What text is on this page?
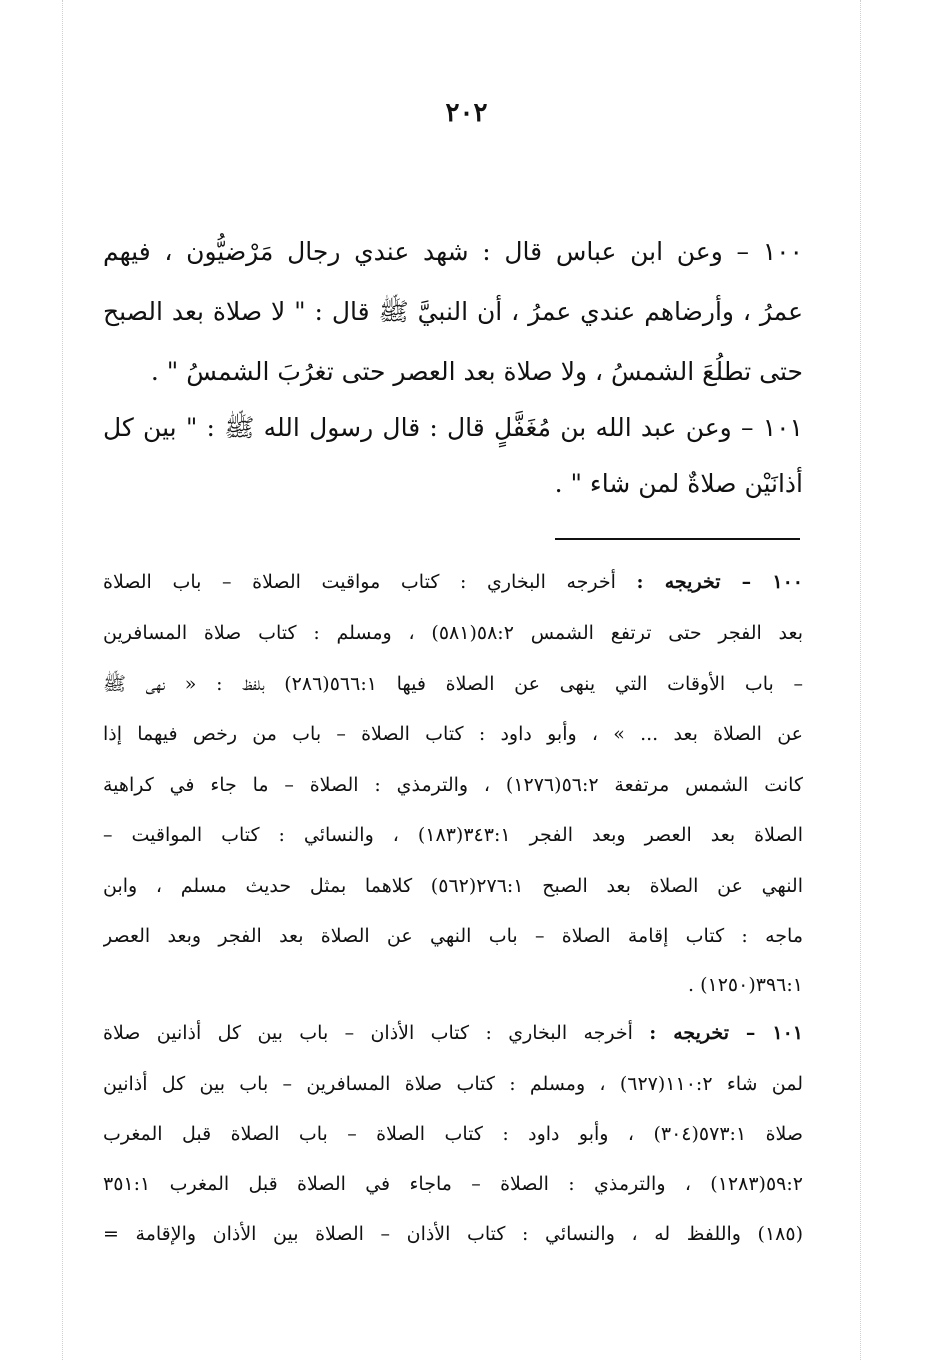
٢٠٢
١٠٠ – وعن ابن عباس قال : شهد عندي رجال مَرْضيُّون ، فيهم
عمرُ ، وأرضاهم عندي عمرُ ، أن النبيَّ ﷺ قال : " لا صلاة بعد الصبح
حتى تطلُعَ الشمسُ ، ولا صلاة بعد العصر حتى تغرُبَ الشمسُ " .
١٠١ – وعن عبد الله بن مُغَفَّلٍ قال : قال رسول الله ﷺ : " بين كل
أذانَيْن صلاةٌ لمن شاء " .
١٠٠ – تخريجه : أخرجه البخاري : كتاب مواقيت الصلاة – باب الصلاة
بعد الفجر حتى ترتفع الشمس ٥٨:٢(٥٨١) ، ومسلم : كتاب صلاة المسافرين
– باب الأوقات التي ينهى عن الصلاة فيها ٥٦٦:١(٢٨٦) بلفظ : « نهى ﷺ
عن الصلاة بعد ... » ، وأبو داود : كتاب الصلاة – باب من رخص فيهما إذا
كانت الشمس مرتفعة ٥٦:٢(١٢٧٦) ، والترمذي : الصلاة – ما جاء في كراهية
الصلاة بعد العصر وبعد الفجر ٣٤٣:١(١٨٣) ، والنسائي : كتاب المواقيت –
النهي عن الصلاة بعد الصبح ٢٧٦:١(٥٦٢) كلاهما بمثل حديث مسلم ، وابن
ماجه : كتاب إقامة الصلاة – باب النهي عن الصلاة بعد الفجر وبعد العصر
٣٩٦:١(١٢٥٠) .
١٠١ – تخريجه : أخرجه البخاري : كتاب الأذان – باب بين كل أذانين صلاة
لمن شاء ١١٠:٢(٦٢٧) ، ومسلم : كتاب صلاة المسافرين – باب بين كل أذانين
صلاة ٥٧٣:١(٣٠٤) ، وأبو داود : كتاب الصلاة – باب الصلاة قبل المغرب
٥٩:٢(١٢٨٣) ، والترمذي : الصلاة – ماجاء في الصلاة قبل المغرب ٣٥١:١
(١٨٥) واللفظ له ، والنسائي : كتاب الأذان – الصلاة بين الأذان والإقامة =
